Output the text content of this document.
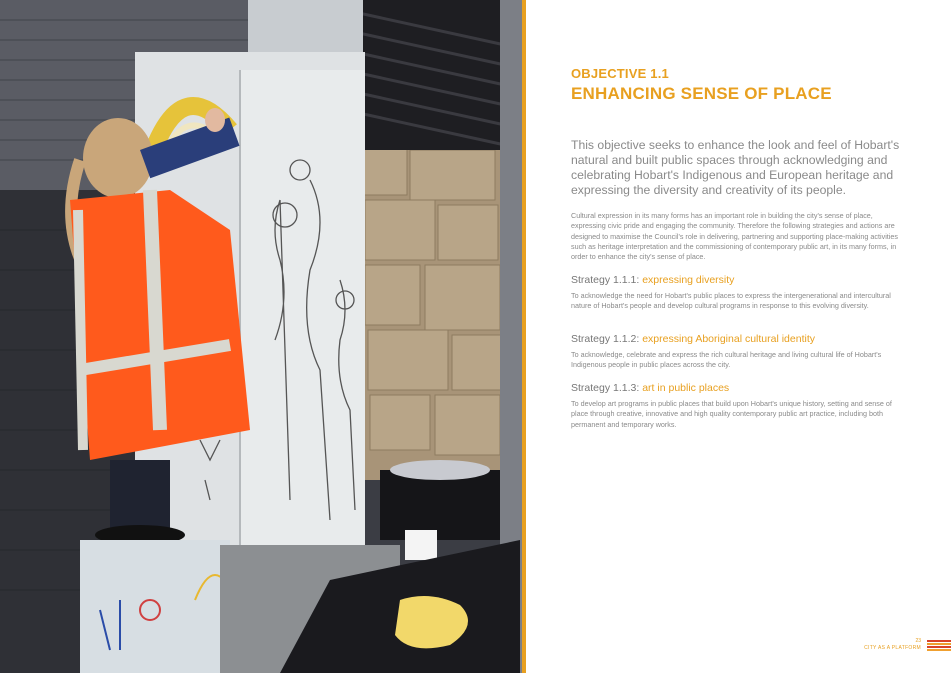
OBJECTIVE 1.1
ENHANCING SENSE OF PLACE
This objective seeks to enhance the look and feel of Hobart's natural and built public spaces through acknowledging and celebrating Hobart's Indigenous and European heritage and expressing the diversity and creativity of its people.
Cultural expression in its many forms has an important role in building the city's sense of place, expressing civic pride and engaging the community. Therefore the following strategies and actions are designed to maximise the Council's role in delivering, partnering and supporting place-making activities such as heritage interpretation and the commissioning of contemporary public art, in its many forms, in order to enhance the city's sense of place.
Strategy 1.1.1: expressing diversity
To acknowledge the need for Hobart's public places to express the intergenerational and intercultural nature of Hobart's people and develop cultural programs in response to this evolving diversity.
Strategy 1.1.2: expressing Aboriginal cultural identity
To acknowledge, celebrate and express the rich cultural heritage and living cultural life of Hobart's Indigenous people in public places across the city.
Strategy 1.1.3: art in public places
To develop art programs in public places that build upon Hobart's unique history, setting and sense of place through creative, innovative and high quality contemporary public art practice, including both permanent and temporary works.
23
CITY AS A PLATFORM
